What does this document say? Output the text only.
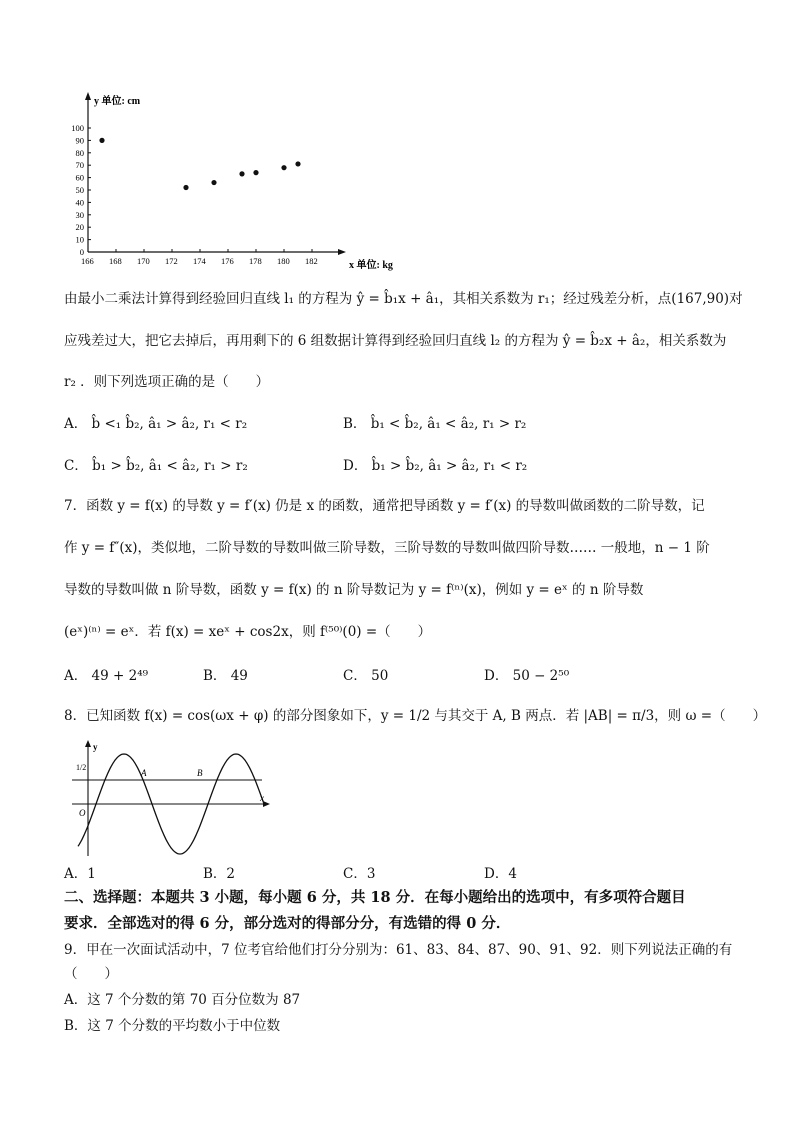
y 单位: cm
x 单位: kg
166 168 170 172 174 176 178 180 182
0
10
20
30
40
50
60
70
80
90
100
由最小二乘法计算得到经验回归直线 l₁ 的方程为 ŷ = b̂₁x + â₁，其相关系数为 r₁；经过残差分析，点(167,90)对
应残差过大，把它去掉后，再用剩下的 6 组数据计算得到经验回归直线 l₂ 的方程为 ŷ = b̂₂x + â₂，相关系数为
r₂ ．则下列选项正确的是（　　）
A． b̂ <₁ b̂₂, â₁ > â₂, r₁ < r₂	B． b̂₁ < b̂₂, â₁ < â₂, r₁ > r₂
C． b̂₁ > b̂₂, â₁ < â₂, r₁ > r₂	D． b̂₁ > b̂₂, â₁ > â₂, r₁ < r₂
7．函数 y = f(x) 的导数 y = f′(x) 仍是 x 的函数，通常把导函数 y = f′(x) 的导数叫做函数的二阶导数，记
作 y = f″(x)，类似地，二阶导数的导数叫做三阶导数，三阶导数的导数叫做四阶导数…… 一般地，n − 1 阶
导数的导数叫做 n 阶导数，函数 y = f(x) 的 n 阶导数记为 y = f⁽ⁿ⁾(x)，例如 y = eˣ 的 n 阶导数
(eˣ)⁽ⁿ⁾ = eˣ．若 f(x) = xeˣ + cos2x，则 f⁽⁵⁰⁾(0) =（　　）
A． 49 + 2⁴⁹	B． 49	C． 50	D． 50 − 2⁵⁰
8．已知函数 f(x) = cos(ωx + φ) 的部分图象如下，y = 1/2 与其交于 A, B 两点．若 |AB| = π/3，则 ω =（　　）
y
x
O
1/2
A	B
A．1	B．2	C．3	D．4
二、选择题：本题共 3 小题，每小题 6 分，共 18 分．在每小题给出的选项中，有多项符合题目
要求．全部选对的得 6 分，部分选对的得部分分，有选错的得 0 分．
9．甲在一次面试活动中，7 位考官给他们打分分别为：61、83、84、87、90、91、92．则下列说法正确的有
（　　）
A．这 7 个分数的第 70 百分位数为 87
B．这 7 个分数的平均数小于中位数
